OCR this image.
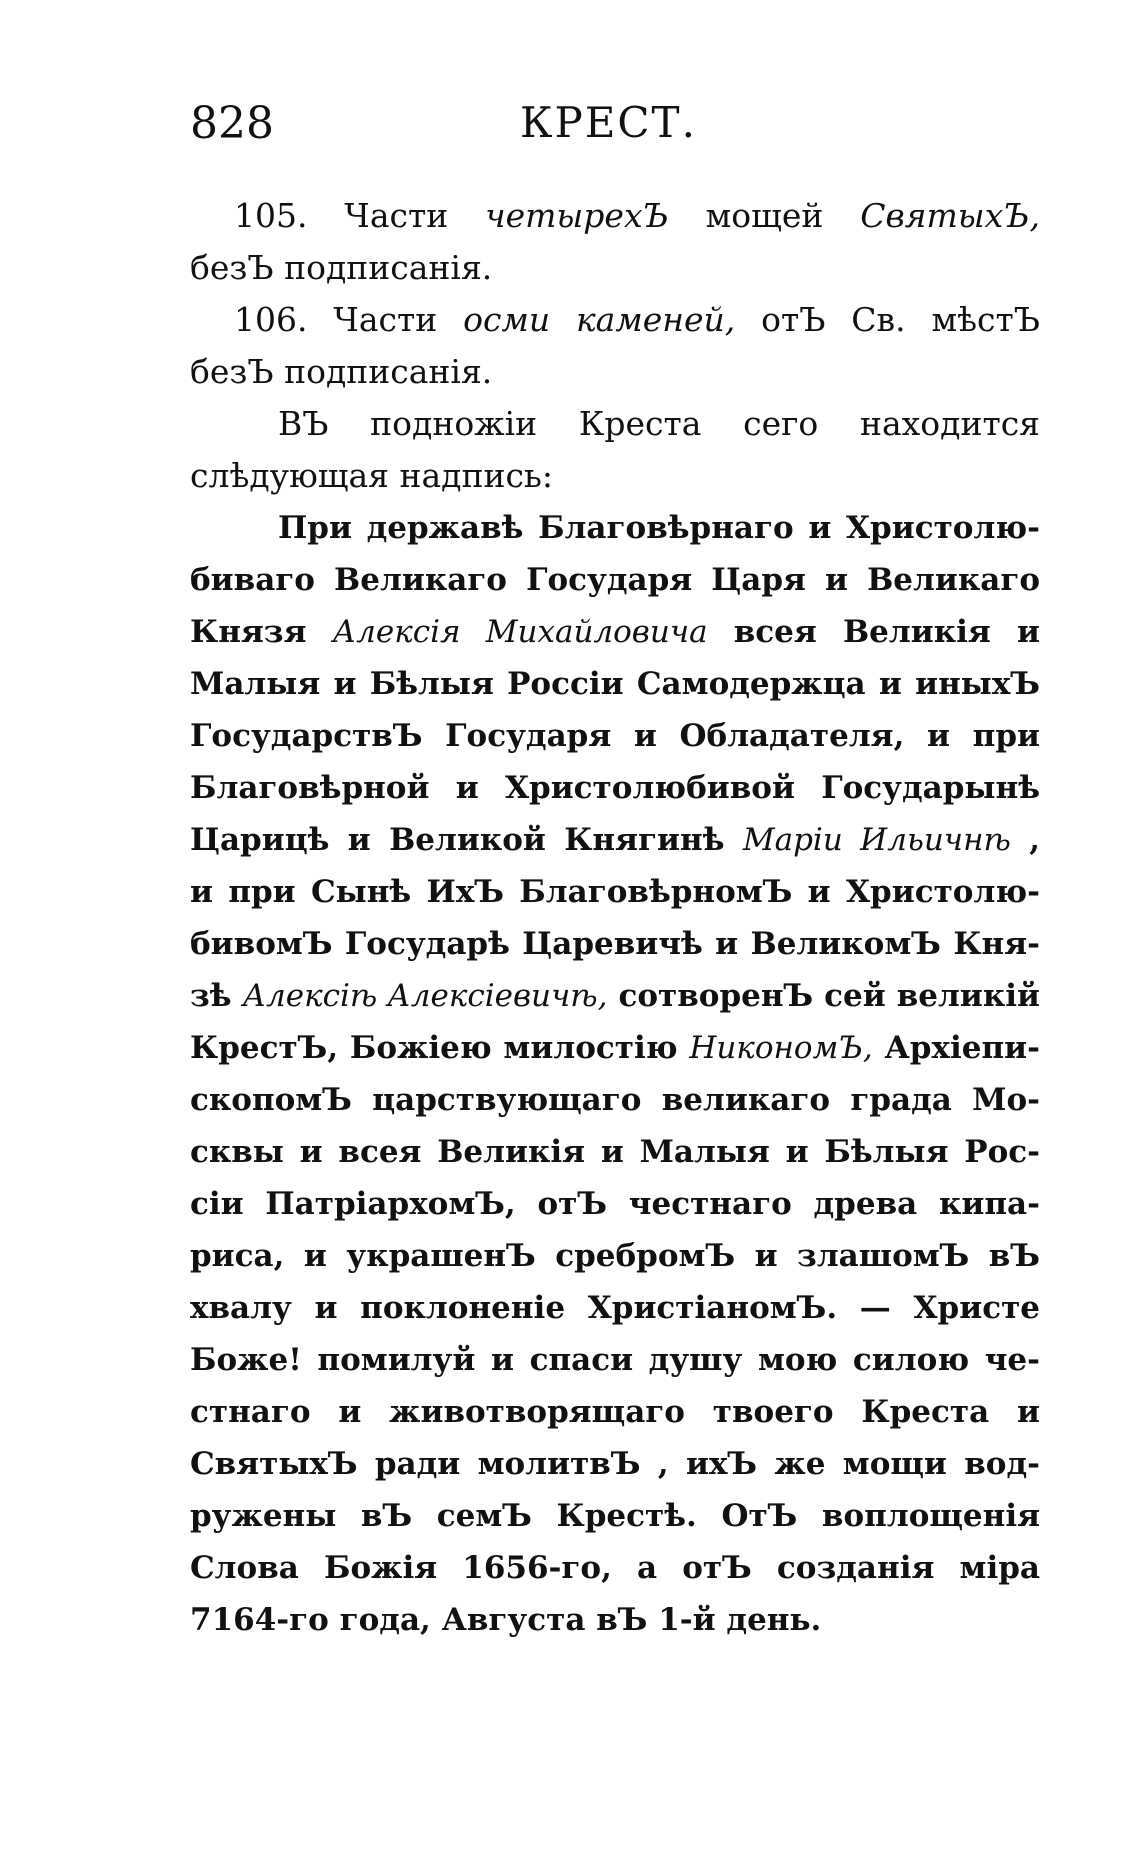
828	КРЕСТ.
105. Части четырехЪ мощей СвятыхЪ,
безЪ подписанія.
106. Части осми каменей, отЪ Св. мѣстЪ
безЪ подписанія.
ВЪ подножіи Креста сего находится
слѣдующая надпись:
При державѣ Благовѣрнаго и Христолю-
биваго Великаго Государя Царя и Великаго
Князя Алексія Михайловича всея Великія и
Малыя и Бѣлыя Россіи Самодержца и иныхЪ
ГосударствЪ Государя и Обладателя, и при
Благовѣрной и Христолюбивой Государынѣ
Царицѣ и Великой Княгинѣ Маріи Ильичнѣ ,
и при Сынѣ ИхЪ БлаговѣрномЪ и Христолю-
бивомЪ Государѣ Царевичѣ и ВеликомЪ Кня-
зѣ Алексіѣ Алексіевичѣ, сотворенЪ сей великій
КрестЪ, Божіею милостію НикономЪ, Архіепи-
скопомЪ царствующаго великаго града Мо-
сквы и всея Великія и Малыя и Бѣлыя Рос-
сіи ПатріархомЪ, отЪ честнаго древа кипа-
риса, и украшенЪ сребромЪ и злашомЪ вЪ
хвалу и поклоненіе ХристіаномЪ. — Христе
Боже! помилуй и спаси душу мою силою че-
стнаго и животворящаго твоего Креста и
СвятыхЪ ради молитвЪ , ихЪ же мощи вод-
ружены вЪ семЪ Крестѣ. ОтЪ воплощенія
Слова Божія 1656-го, а отЪ созданія міра
7164-го года, Августа вЪ 1-й день.
